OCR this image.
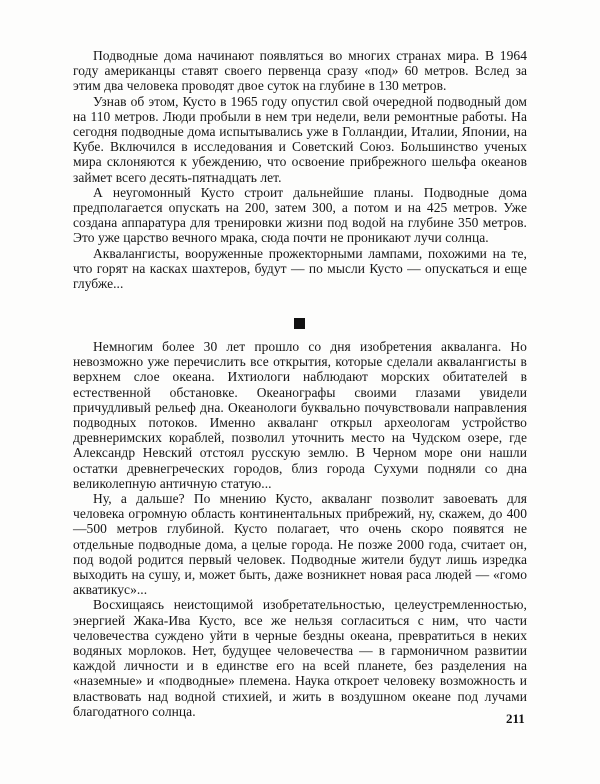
Подводные дома начинают появляться во многих странах мира. В 1964 году американцы ставят своего первенца сразу «под» 60 метров. Вслед за этим два человека проводят двое суток на глубине в 130 метров.

Узнав об этом, Кусто в 1965 году опустил свой очередной подводный дом на 110 метров. Люди пробыли в нем три недели, вели ремонтные работы. На сегодня подводные дома испытывались уже в Голландии, Италии, Японии, на Кубе. Включился в исследования и Советский Союз. Большинство ученых мира склоняются к убеждению, что освоение прибрежного шельфа океанов займет всего десять-пятнадцать лет.

А неугомонный Кусто строит дальнейшие планы. Подводные дома предполагается опускать на 200, затем 300, а потом и на 425 метров. Уже создана аппаратура для тренировки жизни под водой на глубине 350 метров. Это уже царство вечного мрака, сюда почти не проникают лучи солнца.

Аквалангисты, вооруженные прожекторными лампами, похожими на те, что горят на касках шахтеров, будут — по мысли Кусто — опускаться и еще глубже...

Немногим более 30 лет прошло со дня изобретения акваланга. Но невозможно уже перечислить все открытия, которые сделали аквалангисты в верхнем слое океана. Ихтиологи наблюдают морских обитателей в естественной обстановке. Океанографы своими глазами увидели причудливый рельеф дна. Океанологи буквально почувствовали направления подводных потоков. Именно акваланг открыл археологам устройство древнеримских кораблей, позволил уточнить место на Чудском озере, где Александр Невский отстоял русскую землю. В Черном море они нашли остатки древнегреческих городов, близ города Сухуми подняли со дна великолепную античную статую...

Ну, а дальше? По мнению Кусто, акваланг позволит завоевать для человека огромную область континентальных прибрежий, ну, скажем, до 400—500 метров глубиной. Кусто полагает, что очень скоро появятся не отдельные подводные дома, а целые города. Не позже 2000 года, считает он, под водой родится первый человек. Подводные жители будут лишь изредка выходить на сушу, и, может быть, даже возникнет новая раса людей — «гомо акватикус»...

Восхищаясь неистощимой изобретательностью, целеустремленностью, энергией Жака-Ива Кусто, все же нельзя согласиться с ним, что части человечества суждено уйти в черные бездны океана, превратиться в неких водяных морлоков. Нет, будущее человечества — в гармоничном развитии каждой личности и в единстве его на всей планете, без разделения на «наземные» и «подводные» племена. Наука откроет человеку возможность и властвовать над водной стихией, и жить в воздушном океане под лучами благодатного солнца.	211
